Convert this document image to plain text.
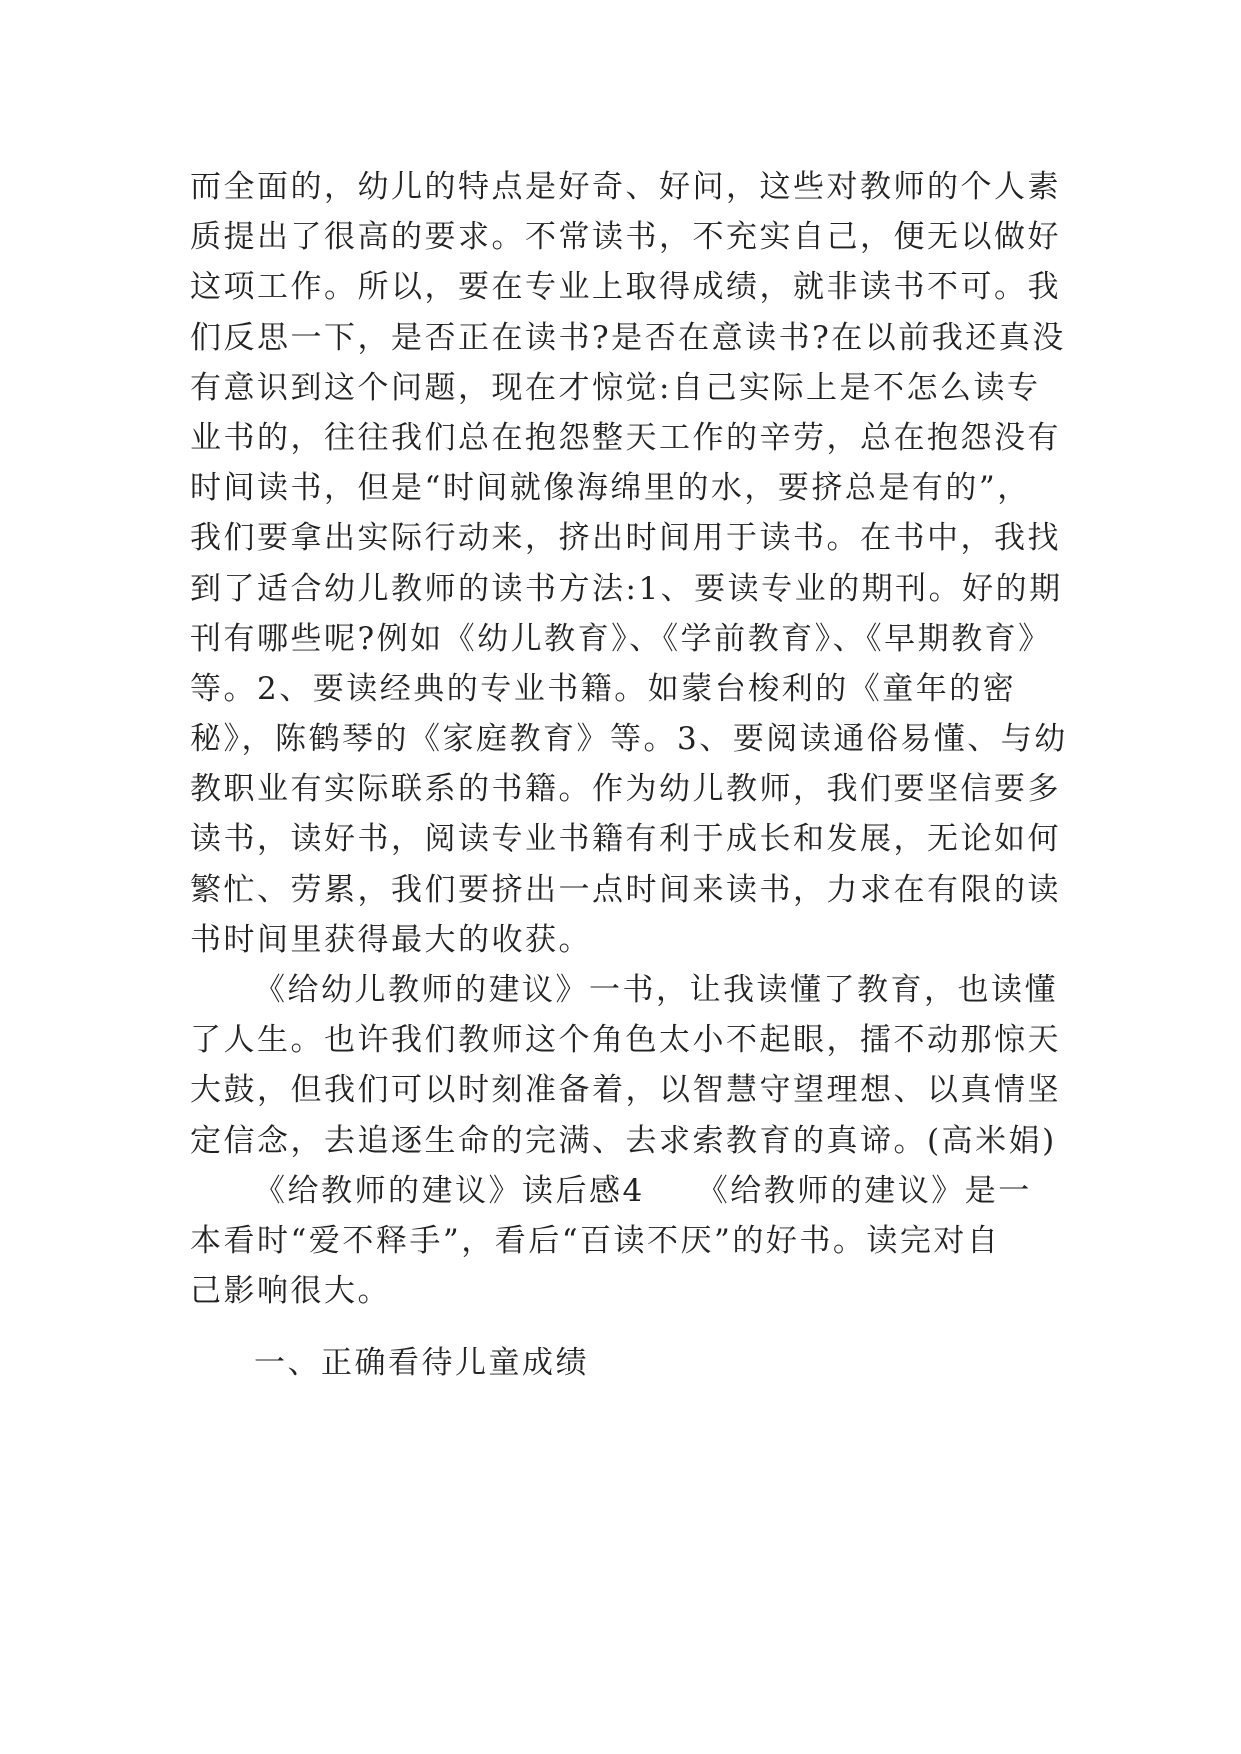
而全面的，幼儿的特点是好奇、好问，这些对教师的个人素
质提出了很高的要求。不常读书，不充实自己，便无以做好
这项工作。所以，要在专业上取得成绩，就非读书不可。我
们反思一下，是否正在读书?是否在意读书?在以前我还真没
有意识到这个问题，现在才惊觉:自己实际上是不怎么读专
业书的，往往我们总在抱怨整天工作的辛劳，总在抱怨没有
时间读书，但是“时间就像海绵里的水，要挤总是有的”，
我们要拿出实际行动来，挤出时间用于读书。在书中，我找
到了适合幼儿教师的读书方法:1、要读专业的期刊。好的期
刊有哪些呢?例如《幼儿教育》、《学前教育》、《早期教育》
等。2、要读经典的专业书籍。如蒙台梭利的《童年的密
秘》，陈鹤琴的《家庭教育》等。3、要阅读通俗易懂、与幼
教职业有实际联系的书籍。作为幼儿教师，我们要坚信要多
读书，读好书，阅读专业书籍有利于成长和发展，无论如何
繁忙、劳累，我们要挤出一点时间来读书，力求在有限的读
书时间里获得最大的收获。
《给幼儿教师的建议》一书，让我读懂了教育，也读懂
了人生。也许我们教师这个角色太小不起眼，擂不动那惊天
大鼓，但我们可以时刻准备着，以智慧守望理想、以真情坚
定信念，去追逐生命的完满、去求索教育的真谛。(高米娟)
《给教师的建议》读后感4 《给教师的建议》是一
本看时“爱不释手”，看后“百读不厌”的好书。读完对自
己影响很大。
一、正确看待儿童成绩
